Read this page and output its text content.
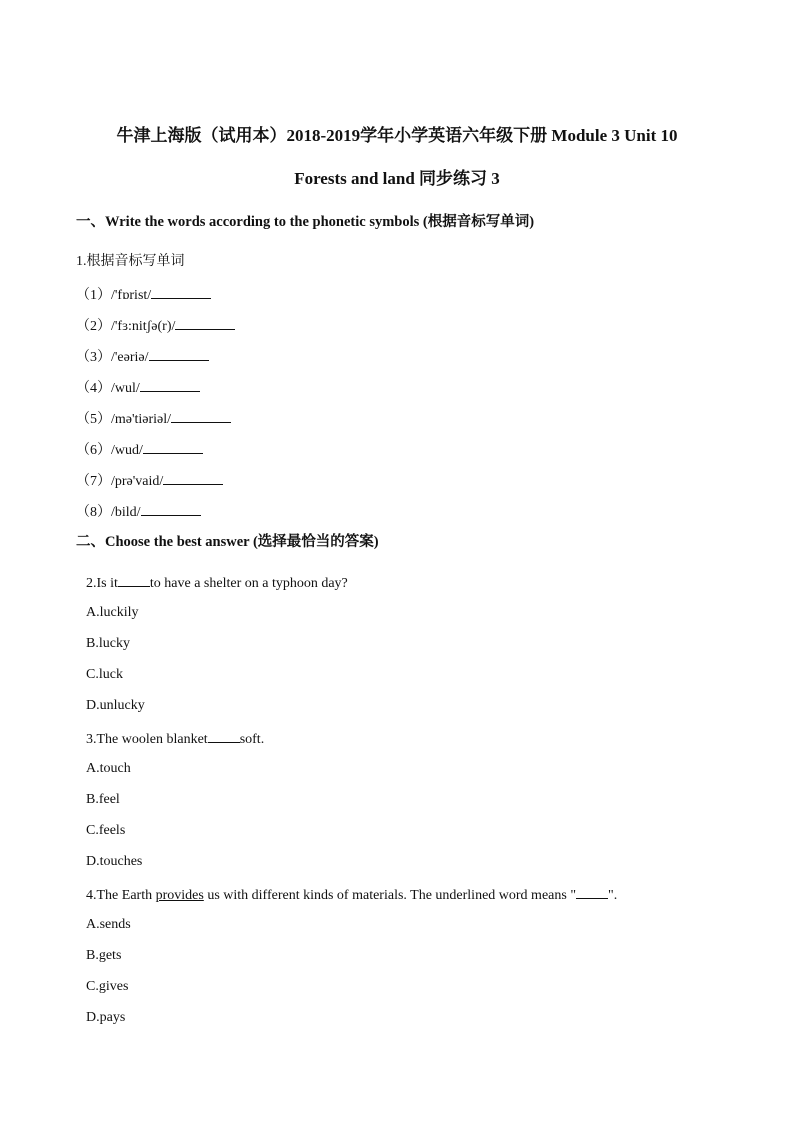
牛津上海版（试用本）2018-2019学年小学英语六年级下册 Module 3 Unit 10
Forests and land 同步练习 3
一、Write the words according to the phonetic symbols (根据音标写单词)
1.根据音标写单词
（1）/'fɒrist/
（2）/'fɜ:nitʃə(r)/
（3）/'eəriə/
（4）/wul/
（5）/mə'tiəriəl/
（6）/wud/
（7）/prə'vaid/
（8）/bild/
二、Choose the best answer (选择最恰当的答案)
2.Is it to have a shelter on a typhoon day?
A.luckily
B.lucky
C.luck
D.unlucky
3.The woolen blanket soft.
A.touch
B.feel
C.feels
D.touches
4.The Earth provides us with different kinds of materials. The underlined word means " ".
A.sends
B.gets
C.gives
D.pays
